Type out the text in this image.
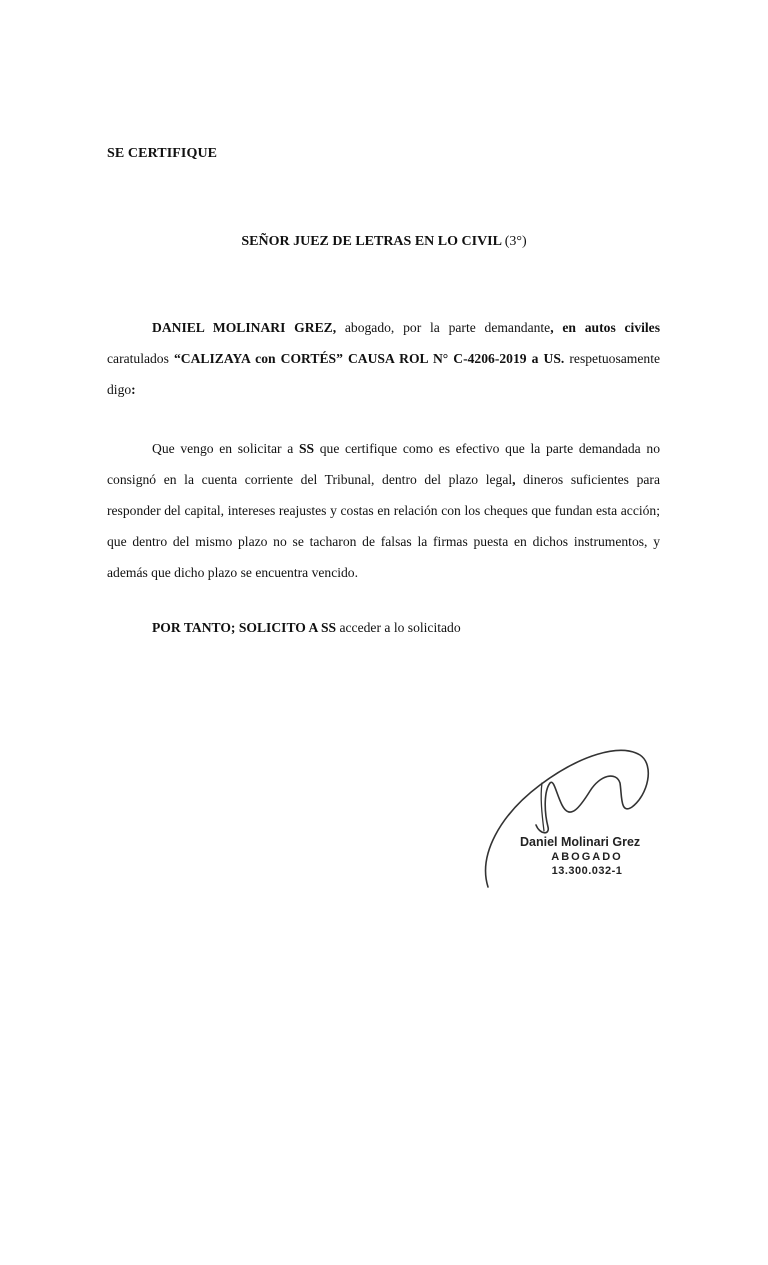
SE CERTIFIQUE
SEÑOR JUEZ DE LETRAS EN LO CIVIL (3°)

DANIEL MOLINARI GREZ, abogado, por la parte demandante, en autos civiles caratulados “CALIZAYA con CORTÉS” CAUSA ROL N° C-4206-2019 a US. respetuosamente digo:

Que vengo en solicitar a SS que certifique como es efectivo que la parte demandada no consignó en la cuenta corriente del Tribunal, dentro del plazo legal, dineros suficientes para responder del capital, intereses reajustes y costas en relación con los cheques que fundan esta acción; que dentro del mismo plazo no se tacharon de falsas la firmas puesta en dichos instrumentos, y además que dicho plazo se encuentra vencido.

POR TANTO; SOLICITO A SS acceder a lo solicitado

Daniel Molinari Grez
ABOGADO
13.300.032-1
